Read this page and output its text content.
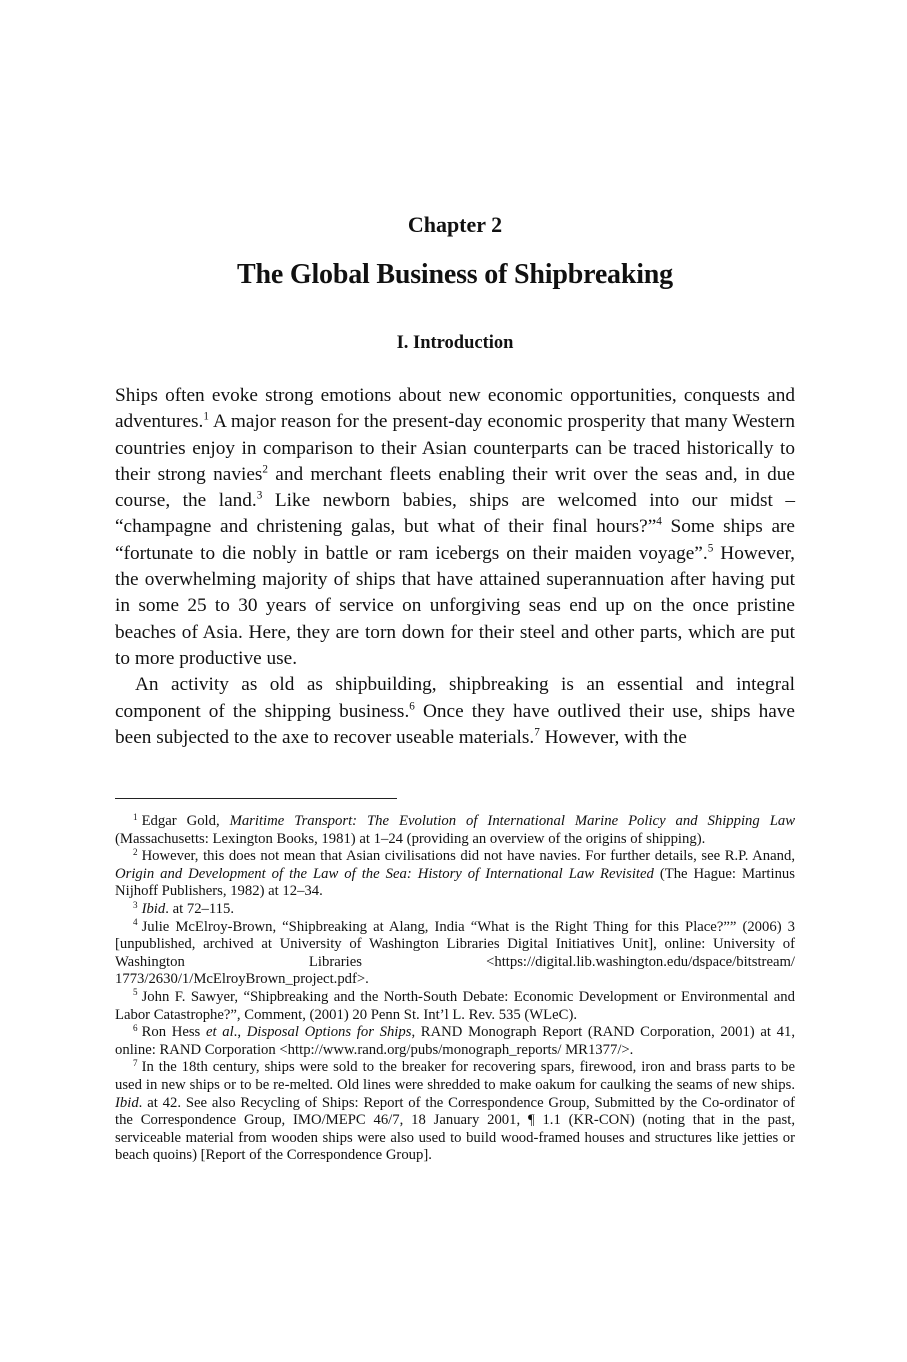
Chapter 2
The Global Business of Shipbreaking
I. Introduction

Ships often evoke strong emotions about new economic opportunities, conquests and adventures.$^1$ A major reason for the present-day economic prosperity that many Western countries enjoy in comparison to their Asian counterparts can be traced historically to their strong navies$^2$ and merchant fleets enabling their writ over the seas and, in due course, the land.$^3$ Like newborn babies, ships are welcomed into our midst – “champagne and christening galas, but what of their final hours?”$^4$ Some ships are “fortunate to die nobly in battle or ram icebergs on their maiden voyage”.$^5$ However, the overwhelming majority of ships that have attained superannuation after having put in some 25 to 30 years of service on unforgiving seas end up on the once pristine beaches of Asia. Here, they are torn down for their steel and other parts, which are put to more productive use.

An activity as old as shipbuilding, shipbreaking is an essential and integral component of the shipping business.$^6$ Once they have outlived their use, ships have been subjected to the axe to recover useable materials.$^7$ However, with the

$^1$ Edgar Gold, Maritime Transport: The Evolution of International Marine Policy and Shipping Law (Massachusetts: Lexington Books, 1981) at 1–24 (providing an overview of the origins of shipping).

$^2$ However, this does not mean that Asian civilisations did not have navies. For further details, see R.P. Anand, Origin and Development of the Law of the Sea: History of International Law Revisited (The Hague: Martinus Nijhoff Publishers, 1982) at 12–34.

$^3$ Ibid. at 72–115.

$^4$ Julie McElroy-Brown, “Shipbreaking at Alang, India “What is the Right Thing for this Place?”” (2006) 3 [unpublished, archived at University of Washington Libraries Digital Initiatives Unit], online: University of Washington Libraries <https://digital.lib.washington.edu/dspace/bitstream/ 1773/2630/1/McElroyBrown_project.pdf>.

$^5$ John F. Sawyer, “Shipbreaking and the North-South Debate: Economic Development or Environmental and Labor Catastrophe?”, Comment, (2001) 20 Penn St. Int’l L. Rev. 535 (WLeC).

$^6$ Ron Hess et al., Disposal Options for Ships, RAND Monograph Report (RAND Corporation, 2001) at 41, online: RAND Corporation <http://www.rand.org/pubs/monograph_reports/ MR1377/>.

$^7$ In the 18th century, ships were sold to the breaker for recovering spars, firewood, iron and brass parts to be used in new ships or to be re-melted. Old lines were shredded to make oakum for caulking the seams of new ships. Ibid. at 42. See also Recycling of Ships: Report of the Correspondence Group, Submitted by the Co-ordinator of the Correspondence Group, IMO/MEPC 46/7, 18 January 2001, ¶ 1.1 (KR-CON) (noting that in the past, serviceable material from wooden ships were also used to build wood-framed houses and structures like jetties or beach quoins) [Report of the Correspondence Group].
